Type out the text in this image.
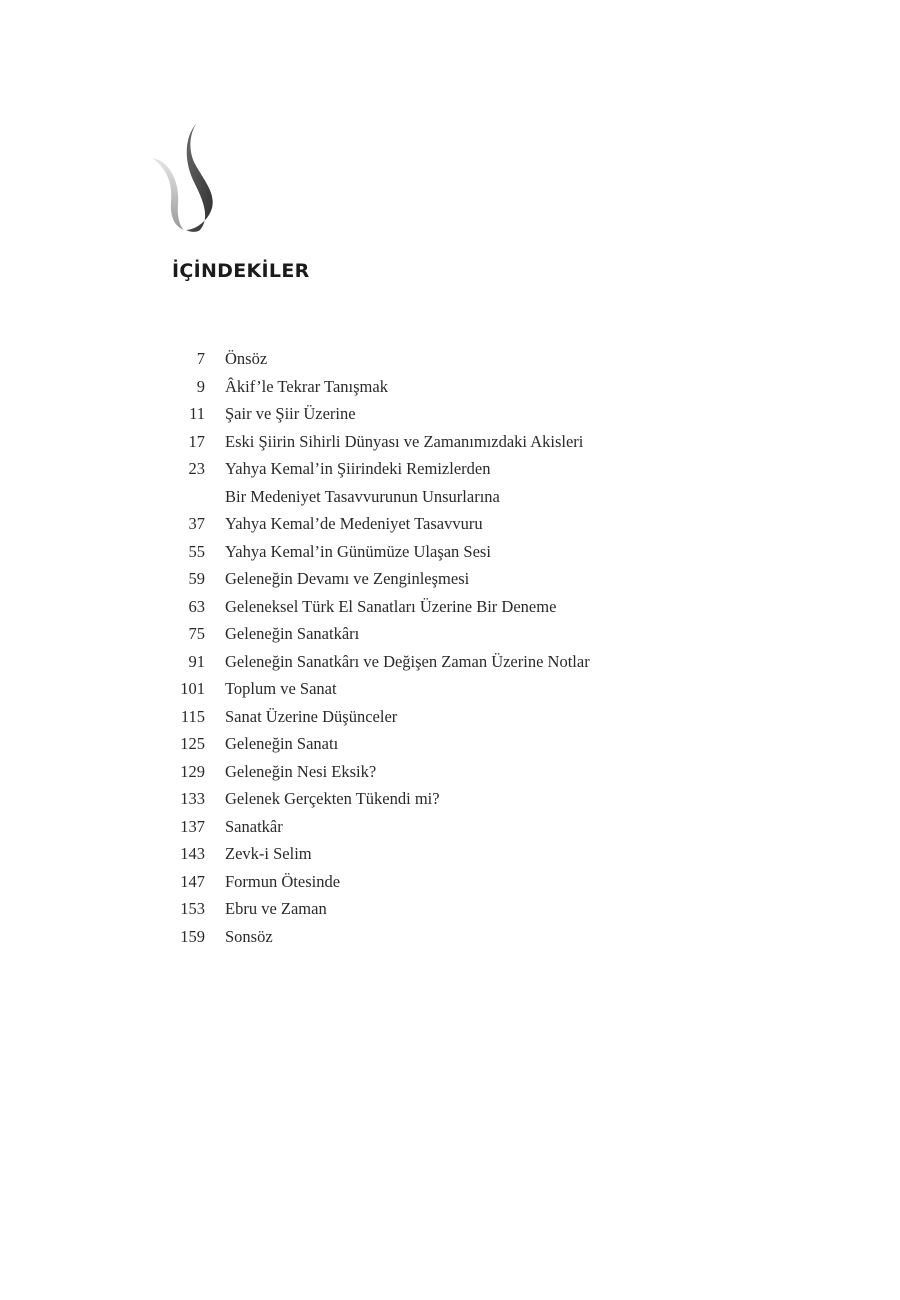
İÇİNDEKİLER
7 Önsöz
9 Âkif’le Tekrar Tanışmak
11 Şair ve Şiir Üzerine
17 Eski Şiirin Sihirli Dünyası ve Zamanımızdaki Akisleri
23 Yahya Kemal’in Şiirindeki Remizlerden
Bir Medeniyet Tasavvurunun Unsurlarına
37 Yahya Kemal’de Medeniyet Tasavvuru
55 Yahya Kemal’in Günümüze Ulaşan Sesi
59 Geleneğin Devamı ve Zenginleşmesi
63 Geleneksel Türk El Sanatları Üzerine Bir Deneme
75 Geleneğin Sanatkârı
91 Geleneğin Sanatkârı ve Değişen Zaman Üzerine Notlar
101 Toplum ve Sanat
115 Sanat Üzerine Düşünceler
125 Geleneğin Sanatı
129 Geleneğin Nesi Eksik?
133 Gelenek Gerçekten Tükendi mi?
137 Sanatkâr
143 Zevk-i Selim
147 Formun Ötesinde
153 Ebru ve Zaman
159 Sonsöz
